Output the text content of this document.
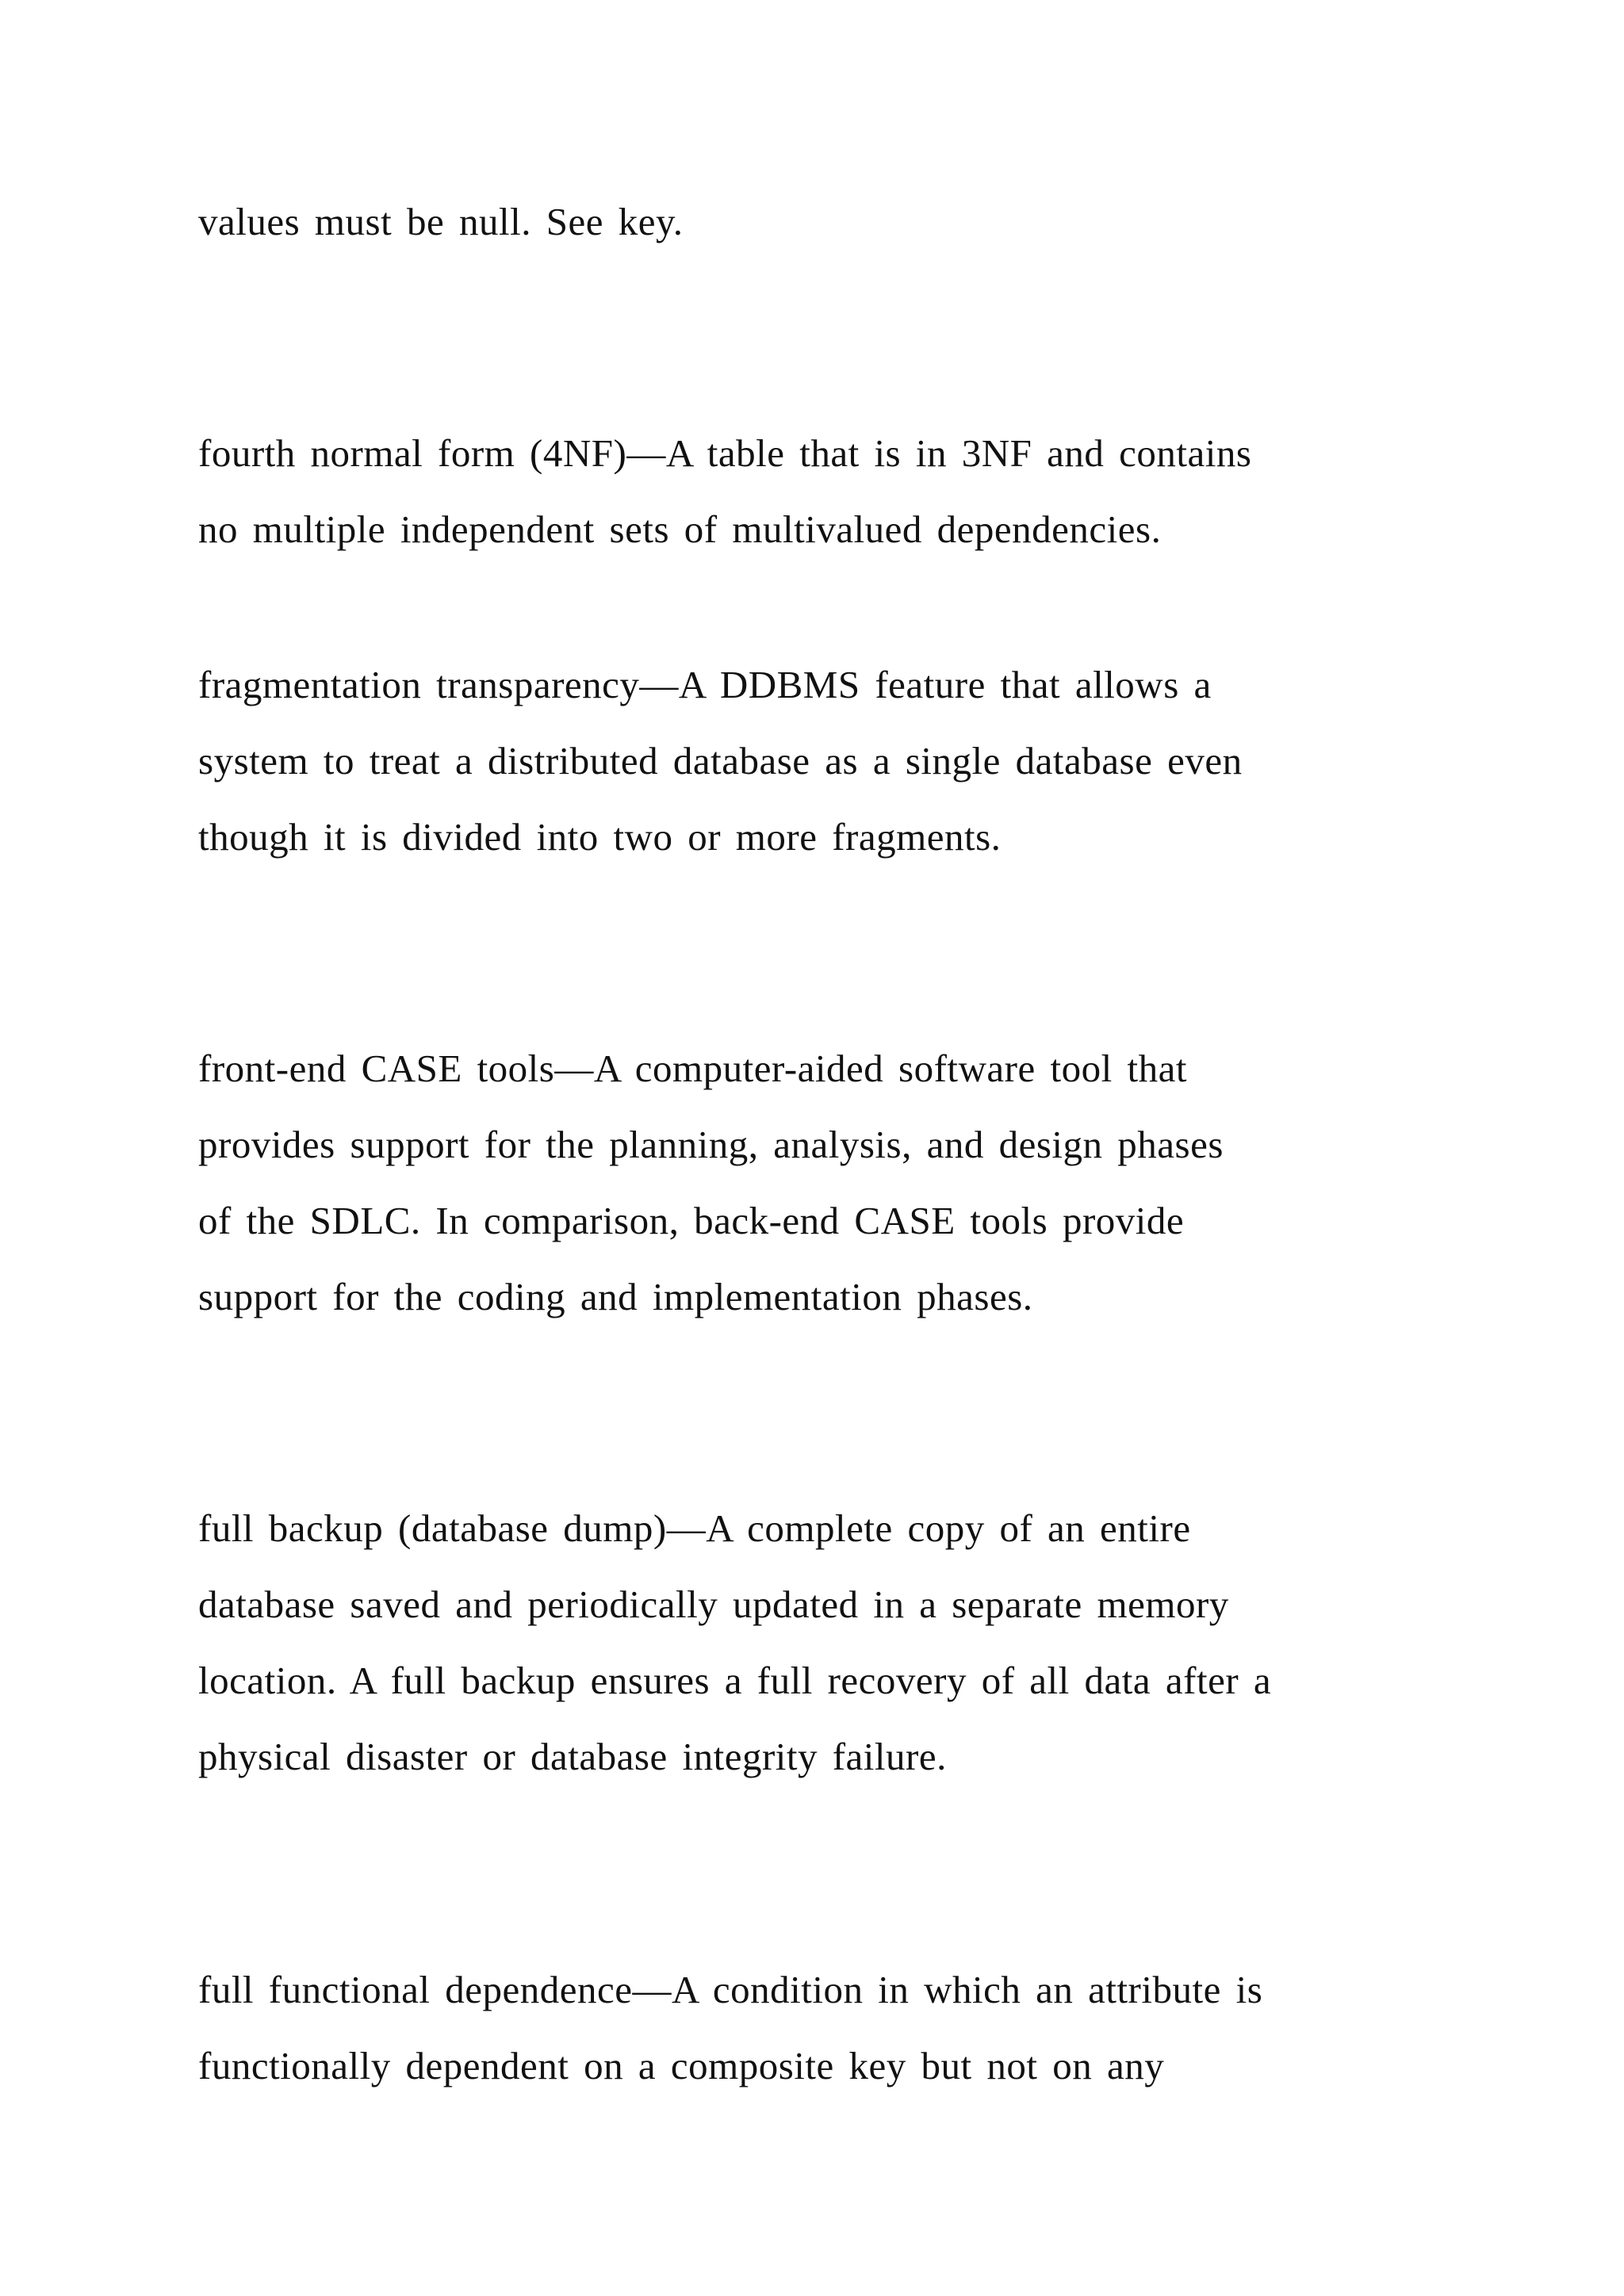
values must be null. See key.
fourth normal form (4NF)—A table that is in 3NF and contains
no multiple independent sets of multivalued dependencies.
fragmentation transparency—A DDBMS feature that allows a
system to treat a distributed database as a single database even
though it is divided into two or more fragments.
front-end CASE tools—A computer-aided software tool that
provides support for the planning, analysis, and design phases
of the SDLC. In comparison, back-end CASE tools provide
support for the coding and implementation phases.
full backup (database dump)—A complete copy of an entire
database saved and periodically updated in a separate memory
location. A full backup ensures a full recovery of all data after a
physical disaster or database integrity failure.
full functional dependence—A condition in which an attribute is
functionally dependent on a composite key but not on any
